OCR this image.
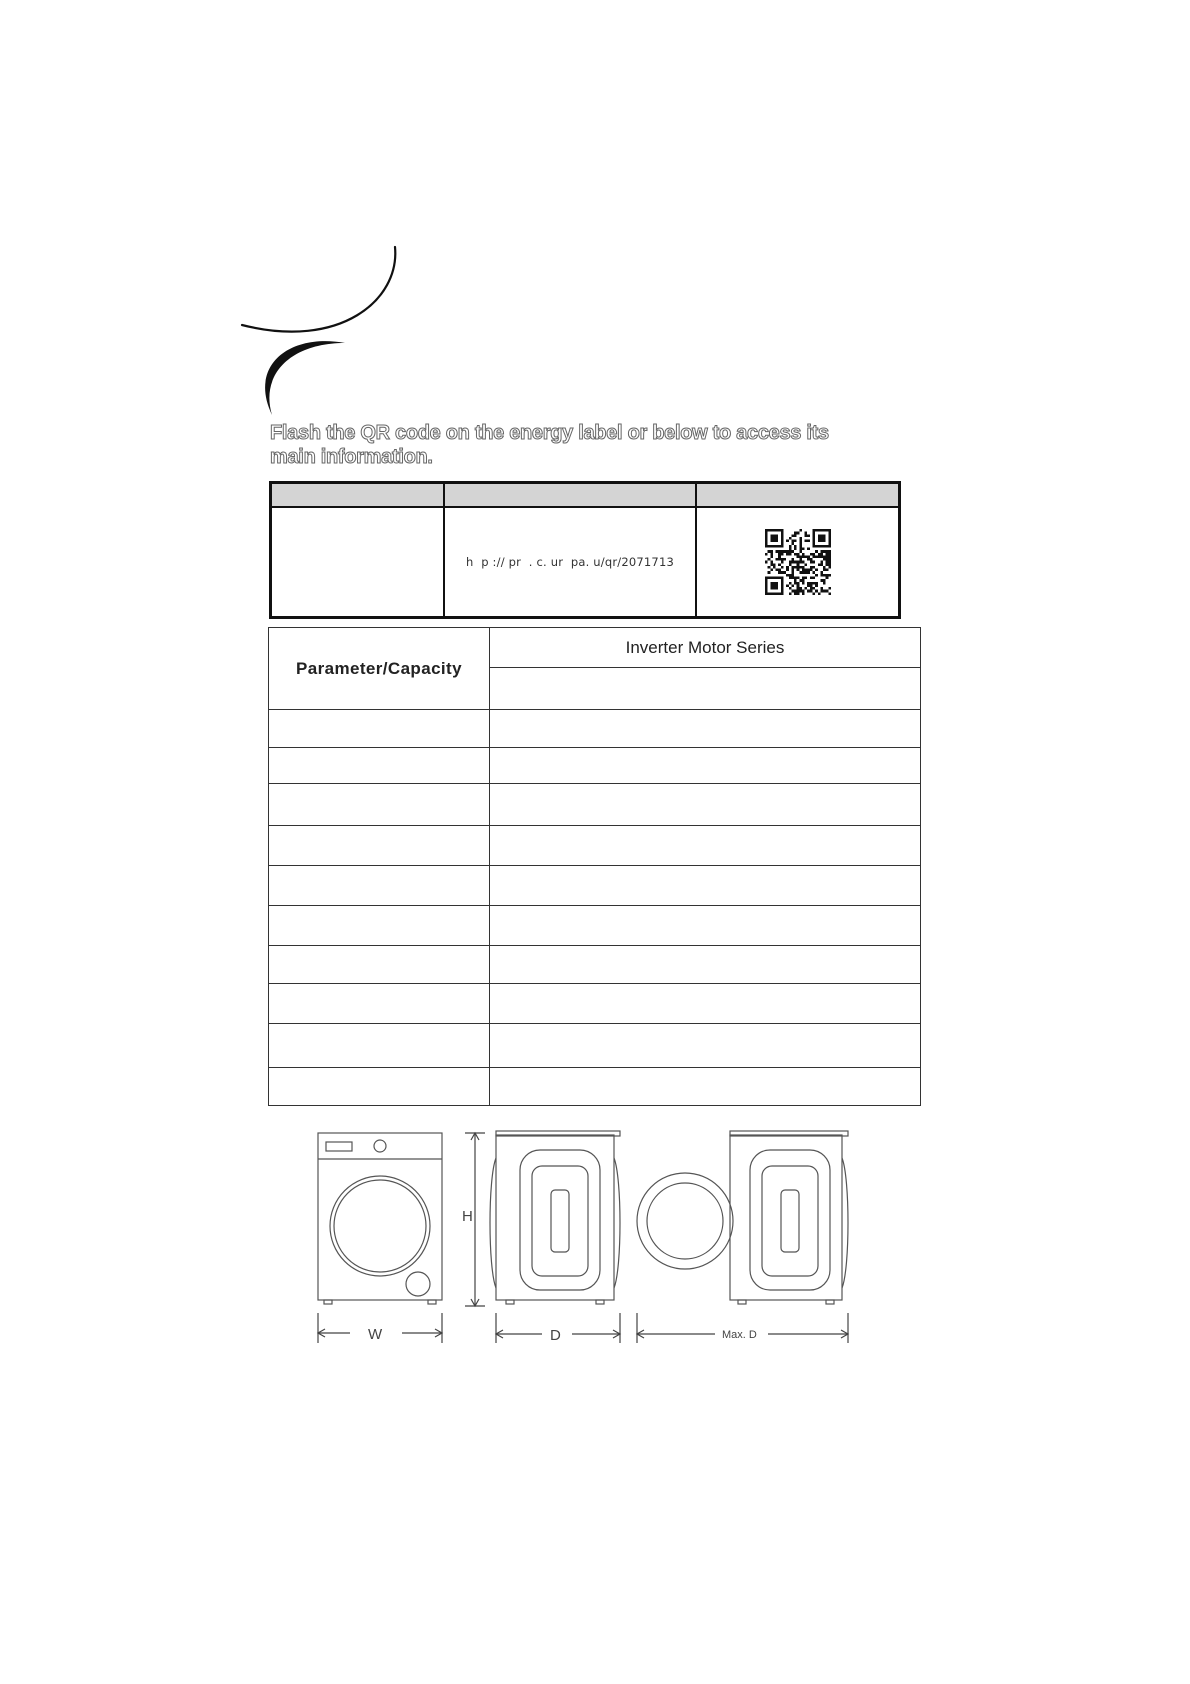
Flash the QR code on the energy label or below to access its
main information.
h  p :// pr  . c. ur  pa. u/qr/2071713
Parameter/Capacity	Inverter Motor Series

H
W	D	Max. D
